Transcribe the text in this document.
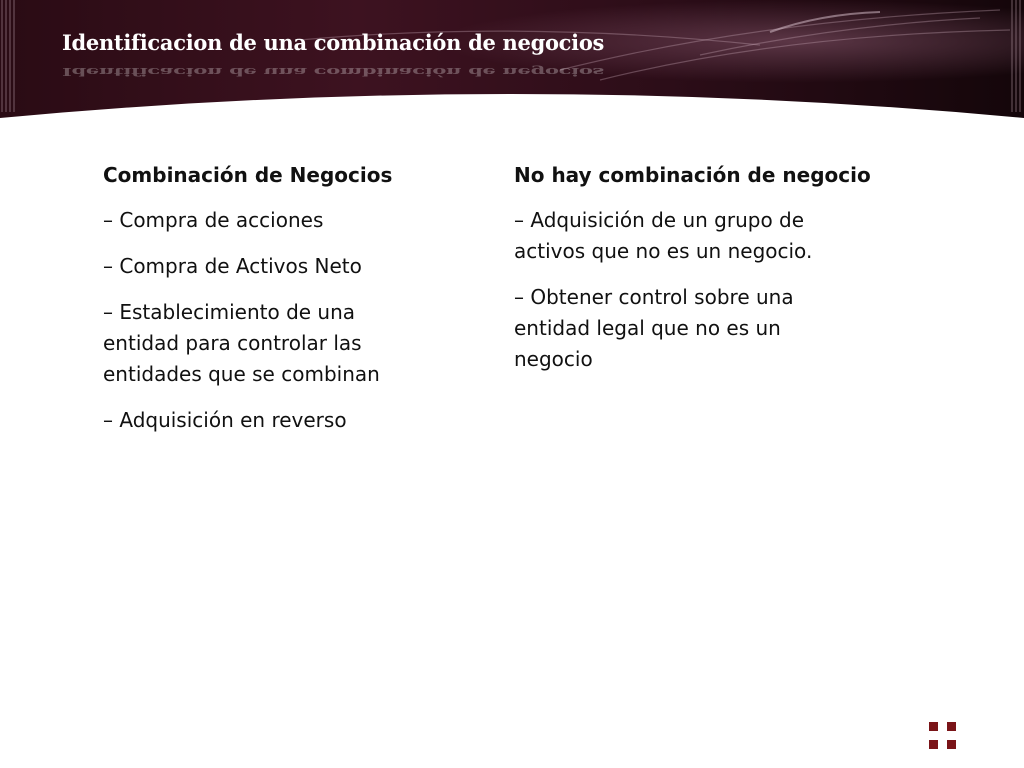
Identificacion de una combinación de negocios
Identificacion de una combinación de negocios
Combinación de Negocios
– Compra de acciones
– Compra de Activos Neto
– Establecimiento de una entidad para controlar las entidades que se combinan
– Adquisición en reverso
No hay combinación de negocio
– Adquisición de un grupo de activos que no es un negocio.
– Obtener control sobre una entidad legal que no es un negocio
